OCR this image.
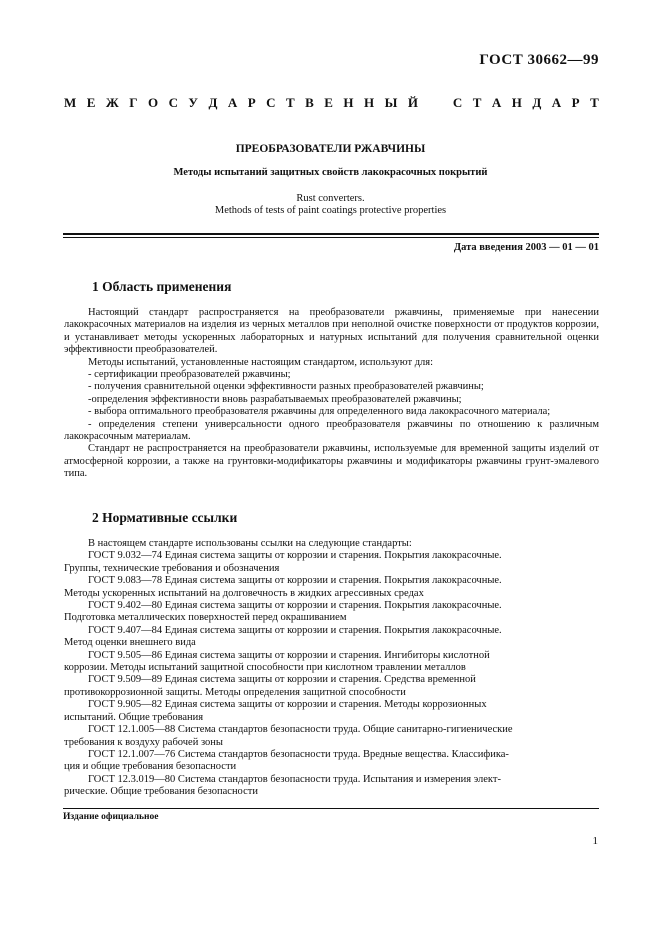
ГОСТ 30662—99
М Е Ж Г О С У Д А Р С Т В Е Н Н Ы Й	С Т А Н Д А Р Т
ПРЕОБРАЗОВАТЕЛИ РЖАВЧИНЫ
Методы испытаний защитных свойств лакокрасочных покрытий
Rust converters.
Methods of tests of paint coatings protective properties
Дата введения 2003 — 01 — 01
1 Область применения

Настоящий стандарт распространяется на преобразователи ржавчины, применяемые при нанесении лакокрасочных материалов на изделия из черных металлов при неполной очистке поверхности от продуктов коррозии, и устанавливает методы ускоренных лабораторных и натурных испытаний для получения сравнительной оценки эффективности преобразователей.

Методы испытаний, установленные настоящим стандартом, используют для:

- сертификации преобразователей ржавчины;

- получения сравнительной оценки эффективности разных преобразователей ржавчины;

-определения эффективности вновь разрабатываемых преобразователей ржавчины;

- выбора оптимального преобразователя ржавчины для определенного вида лакокрасочного материала;

- определения степени универсальности одного преобразователя ржавчины по отношению к различным лакокрасочным материалам.

Стандарт не распространяется на преобразователи ржавчины, используемые для временной защиты изделий от атмосферной коррозии, а также на грунтовки-модификаторы ржавчины и модификаторы ржавчины грунт-эмалевого типа.

2 Нормативные ссылки

В настоящем стандарте использованы ссылки на следующие стандарты:

ГОСТ 9.032—74 Единая система защиты от коррозии и старения. Покрытия лакокрасочные.

Группы, технические требования и обозначения

ГОСТ 9.083—78 Единая система защиты от коррозии и старения. Покрытия лакокрасочные.

Методы ускоренных испытаний на долговечность в жидких агрессивных средах

ГОСТ 9.402—80 Единая система защиты от коррозии и старения. Покрытия лакокрасочные.

Подготовка металлических поверхностей перед окрашиванием

ГОСТ 9.407—84 Единая система защиты от коррозии и старения. Покрытия лакокрасочные.

Метод оценки внешнего вида

ГОСТ 9.505—86 Единая система защиты от коррозии и старения. Ингибиторы кислотной

коррозии. Методы испытаний защитной способности при кислотном травлении металлов

ГОСТ 9.509—89 Единая система защиты от коррозии и старения. Средства временной

противокоррозионной защиты. Методы определения защитной способности

ГОСТ 9.905—82 Единая система защиты от коррозии и старения. Методы коррозионных

испытаний. Общие требования

ГОСТ 12.1.005—88 Система стандартов безопасности труда. Общие санитарно-гигиенические

требования к воздуху рабочей зоны

ГОСТ 12.1.007—76 Система стандартов безопасности труда. Вредные вещества. Классифика-

ция и общие требования безопасности

ГОСТ 12.3.019—80 Система стандартов безопасности труда. Испытания и измерения элект-

рические. Общие требования безопасности

Издание официальное
1
